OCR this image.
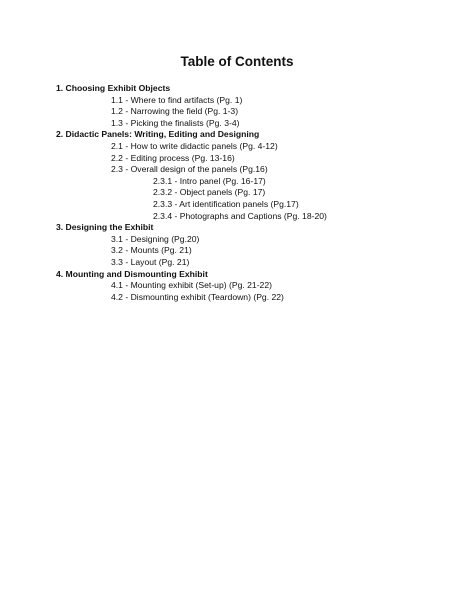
Table of Contents
1. Choosing Exhibit Objects
1.1 - Where to find artifacts (Pg. 1)
1.2 - Narrowing the field (Pg. 1-3)
1.3 - Picking the finalists (Pg. 3-4)
2. Didactic Panels: Writing, Editing and Designing
2.1 - How to write didactic panels (Pg. 4-12)
2.2 - Editing process (Pg. 13-16)
2.3 - Overall design of the panels (Pg.16)
2.3.1 - Intro panel (Pg. 16-17)
2.3.2 - Object panels (Pg. 17)
2.3.3 - Art identification panels (Pg.17)
2.3.4 - Photographs and Captions (Pg. 18-20)
3. Designing the Exhibit
3.1 - Designing (Pg.20)
3.2 - Mounts (Pg. 21)
3.3 - Layout (Pg. 21)
4. Mounting and Dismounting Exhibit
4.1 - Mounting exhibit (Set-up) (Pg. 21-22)
4.2 - Dismounting exhibit (Teardown) (Pg. 22)
